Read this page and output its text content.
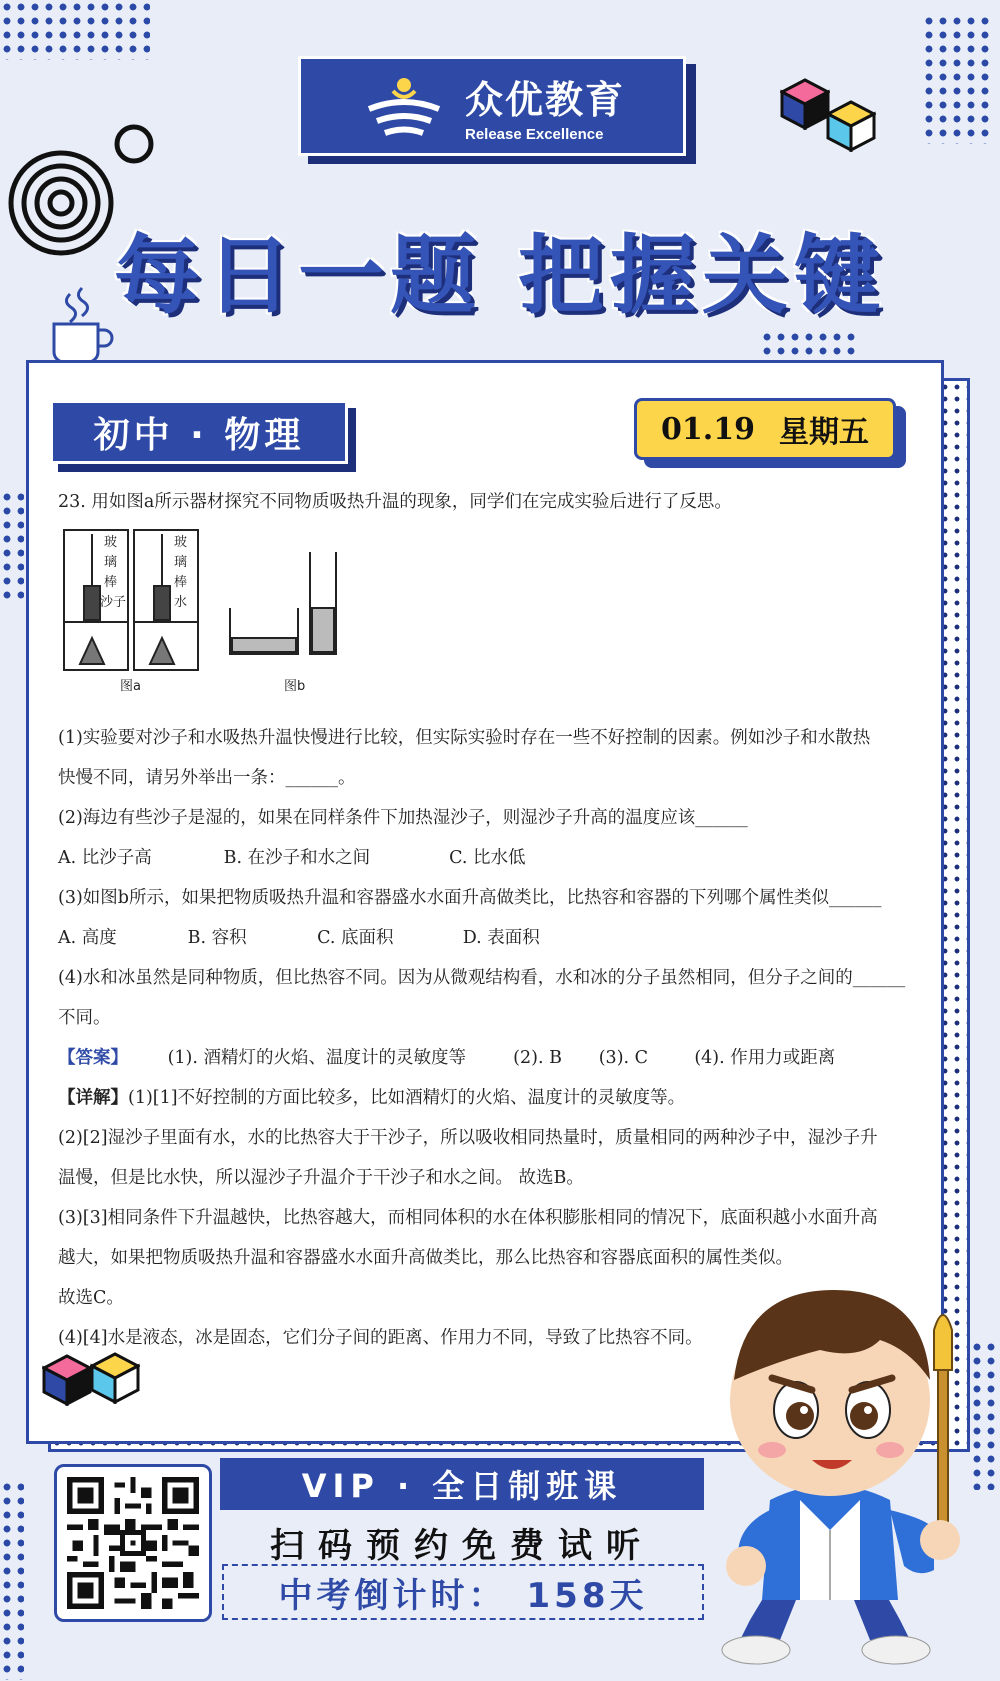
众优教育
Release Excellence
每日一题 把握关键
初中 · 物理	01.19 星期五

23. 用如图a所示器材探究不同物质吸热升温的现象，同学们在完成实验后进行了反思。

玻
璃
棒
沙子
玻
璃
棒
水
图a	图b

(1)实验要对沙子和水吸热升温快慢进行比较，但实际实验时存在一些不好控制的因素。例如沙子和水散热

快慢不同，请另外举出一条：______。

(2)海边有些沙子是湿的，如果在同样条件下加热湿沙子，则湿沙子升高的温度应该______

A. 比沙子高	B. 在沙子和水之间	C. 比水低

(3)如图b所示，如果把物质吸热升温和容器盛水水面升高做类比，比热容和容器的下列哪个属性类似______

A. 高度	B. 容积	C. 底面积	D. 表面积

(4)水和冰虽然是同种物质，但比热容不同。因为从微观结构看，水和冰的分子虽然相同，但分子之间的______

不同。

【答案】 (1). 酒精灯的火焰、温度计的灵敏度等	(2). B (3). C	(4). 作用力或距离

【详解】(1)[1]不好控制的方面比较多，比如酒精灯的火焰、温度计的灵敏度等。

(2)[2]湿沙子里面有水，水的比热容大于干沙子，所以吸收相同热量时，质量相同的两种沙子中，湿沙子升

温慢，但是比水快，所以湿沙子升温介于干沙子和水之间。 故选B。

(3)[3]相同条件下升温越快，比热容越大，而相同体积的水在体积膨胀相同的情况下，底面积越小水面升高

越大，如果把物质吸热升温和容器盛水水面升高做类比，那么比热容和容器底面积的属性类似。

故选C。

(4)[4]水是液态，冰是固态，它们分子间的距离、作用力不同，导致了比热容不同。

VIP · 全日制班课
扫码预约免费试听
中考倒计时： 158天
